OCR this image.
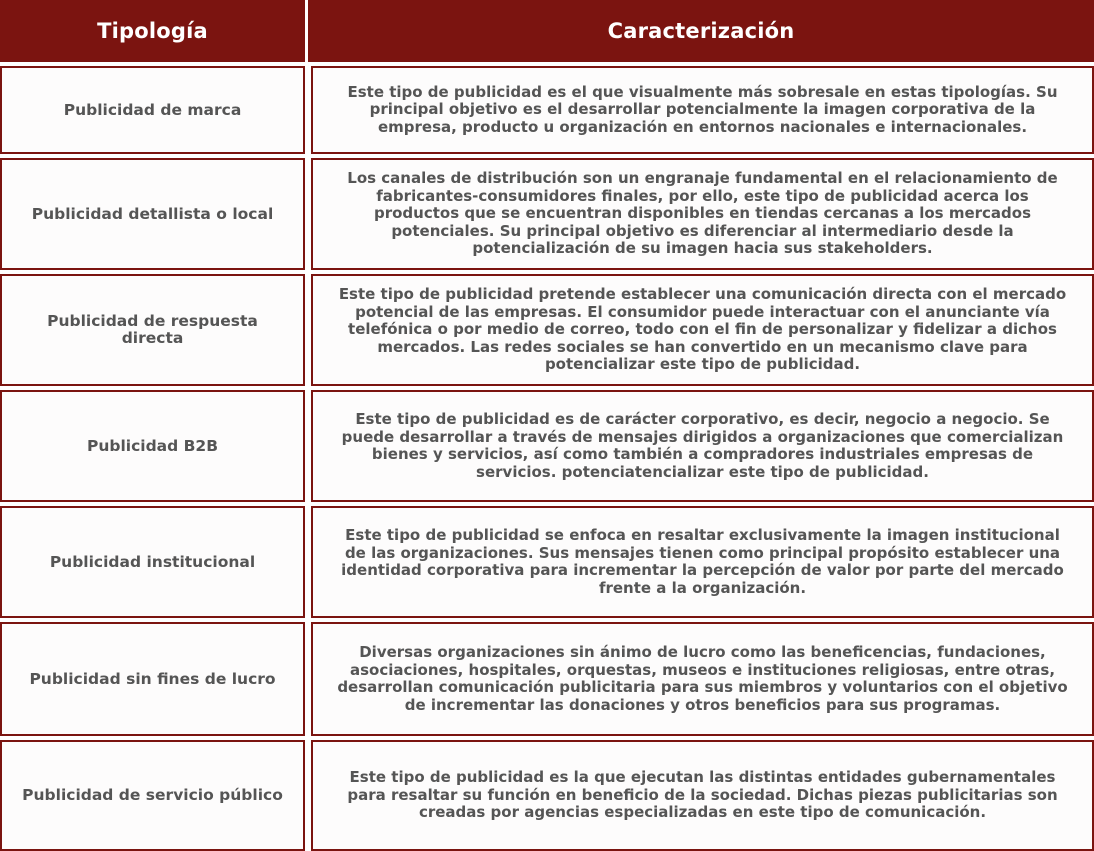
Tipología	Caracterización
Publicidad de marca
Este tipo de publicidad es el que visualmente más sobresale en estas tipologías. Su principal objetivo es el desarrollar potencialmente la imagen corporativa de la empresa, producto u organización en entornos nacionales e internacionales.
Publicidad detallista o local
Los canales de distribución son un engranaje fundamental en el relacionamiento de fabricantes-consumidores finales, por ello, este tipo de publicidad acerca los productos que se encuentran disponibles en tiendas cercanas a los mercados potenciales. Su principal objetivo es diferenciar al intermediario desde la potencialización de su imagen hacia sus stakeholders.
Publicidad de respuesta directa
Este tipo de publicidad pretende establecer una comunicación directa con el mercado potencial de las empresas. El consumidor puede interactuar con el anunciante vía telefónica o por medio de correo, todo con el fin de personalizar y fidelizar a dichos mercados. Las redes sociales se han convertido en un mecanismo clave para potencializar este tipo de publicidad.
Publicidad B2B
Este tipo de publicidad es de carácter corporativo, es decir, negocio a negocio. Se puede desarrollar a través de mensajes dirigidos a organizaciones que comercializan bienes y servicios, así como también a compradores industriales empresas de servicios. potenciatencializar este tipo de publicidad.
Publicidad institucional
Este tipo de publicidad se enfoca en resaltar exclusivamente la imagen institucional de las organizaciones. Sus mensajes tienen como principal propósito establecer una identidad corporativa para incrementar la percepción de valor por parte del mercado frente a la organización.
Publicidad sin fines de lucro
Diversas organizaciones sin ánimo de lucro como las beneficencias, fundaciones, asociaciones, hospitales, orquestas, museos e instituciones religiosas, entre otras, desarrollan comunicación publicitaria para sus miembros y voluntarios con el objetivo de incrementar las donaciones y otros beneficios para sus programas.
Publicidad de servicio público
Este tipo de publicidad es la que ejecutan las distintas entidades gubernamentales para resaltar su función en beneficio de la sociedad. Dichas piezas publicitarias son creadas por agencias especializadas en este tipo de comunicación.
